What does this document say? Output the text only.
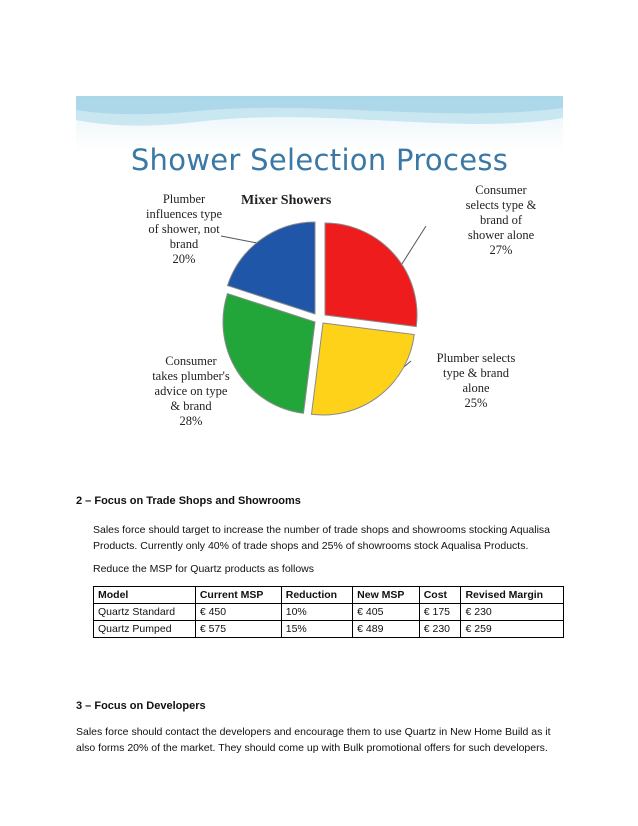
Shower Selection Process
Mixer Showers
Consumer
selects type &
brand of
shower alone
27%
Plumber selects
type & brand
alone
25%
Consumer
takes plumber's
advice on type
& brand
28%
Plumber
influences type
of shower, not
brand
20%
2 – Focus on Trade Shops and Showrooms
Sales force should target to increase the number of trade shops and showrooms stocking Aqualisa
Products. Currently only 40% of trade shops and 25% of showrooms stock Aqualisa Products.
Reduce the MSP for Quartz products as follows
Model	Current MSP	Reduction	New MSP	Cost	Revised Margin
Quartz Standard	€ 450	10%	€ 405	€ 175	€ 230
Quartz Pumped	€ 575	15%	€ 489	€ 230	€ 259
3 – Focus on Developers
Sales force should contact the developers and encourage them to use Quartz in New Home Build as it
also forms 20% of the market. They should come up with Bulk promotional offers for such developers.
